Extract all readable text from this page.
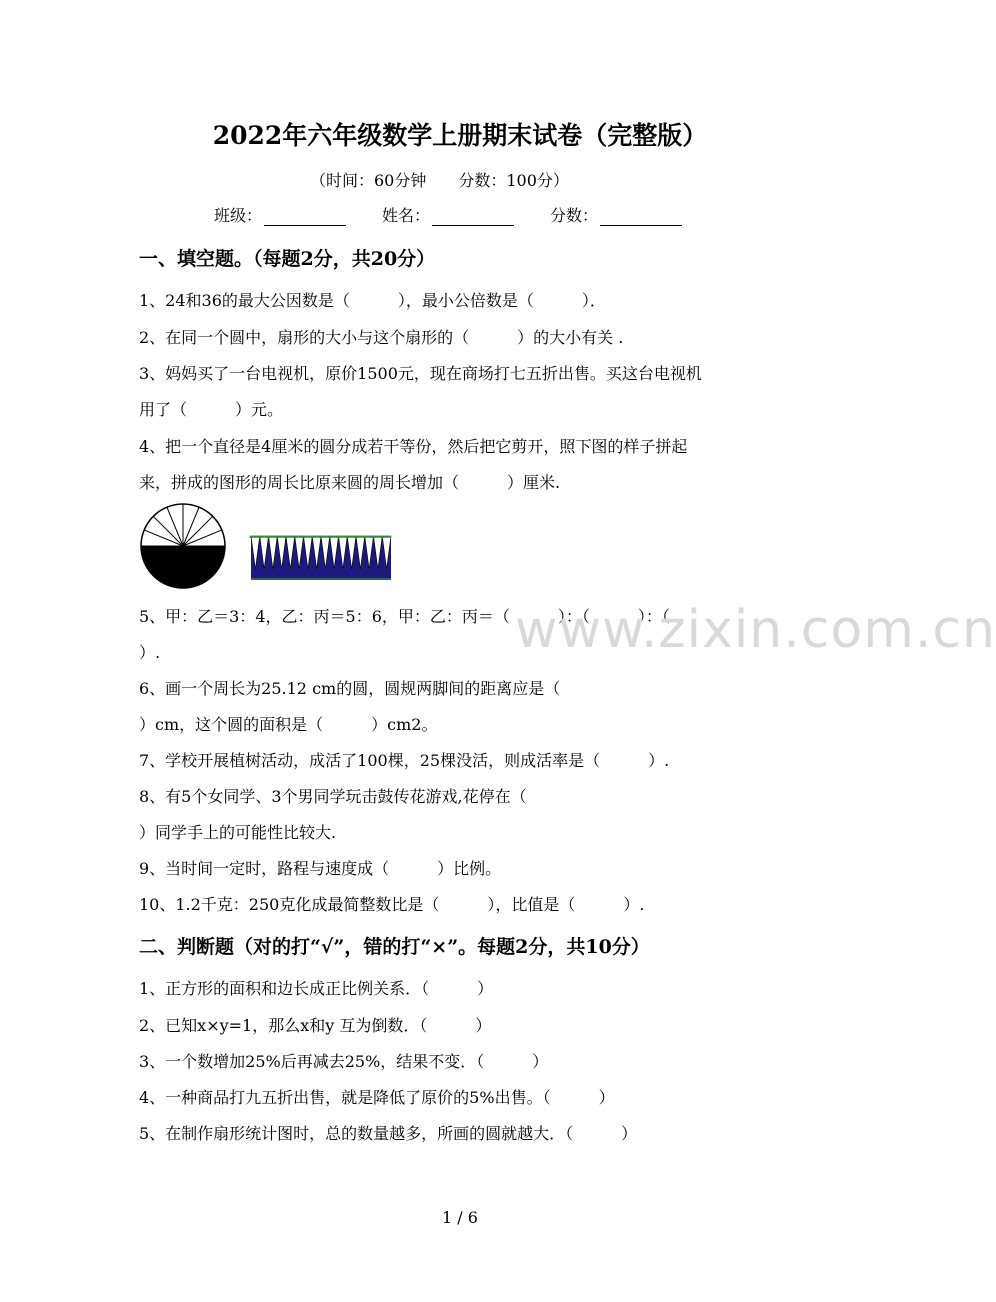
2022年六年级数学上册期末试卷（完整版）
（时间：60分钟　　分数：100分）
班级：	姓名：	分数：
一、填空题。（每题2分，共20分）
1、24和36的最大公因数是（　　　），最小公倍数是（　　　）．
2、在同一个圆中，扇形的大小与这个扇形的（　　　）的大小有关 .
3、妈妈买了一台电视机，原价1500元，现在商场打七五折出售。买这台电视机
用了（　　　）元。
4、把一个直径是4厘米的圆分成若干等份，然后把它剪开，照下图的样子拼起
来，拼成的图形的周长比原来圆的周长增加（　　　）厘米.
5、甲：乙＝3：4，乙：丙＝5：6，甲：乙：丙＝（　　　）：（　　　）：（
）.
6、画一个周长为25.12 cm的圆，圆规两脚间的距离应是（
）cm，这个圆的面积是（　　　）cm2。
7、学校开展植树活动，成活了100棵，25棵没活，则成活率是（　　　）.
8、有5个女同学、3个男同学玩击鼓传花游戏,花停在（
）同学手上的可能性比较大.
9、当时间一定时，路程与速度成（　　　）比例。
10、1.2千克：250克化成最简整数比是（　　　），比值是（　　　）.
二、判断题（对的打“√”，错的打“×”。每题2分，共10分）
1、正方形的面积和边长成正比例关系．（　　　）
2、已知x×y=1，那么x和y 互为倒数．（　　　）
3、一个数增加25%后再减去25%，结果不变．（　　　）
4、一种商品打九五折出售，就是降低了原价的5%出售。（　　　）
5、在制作扇形统计图时，总的数量越多，所画的圆就越大．（　　　）
www.zixin.com.cn
1 / 6
